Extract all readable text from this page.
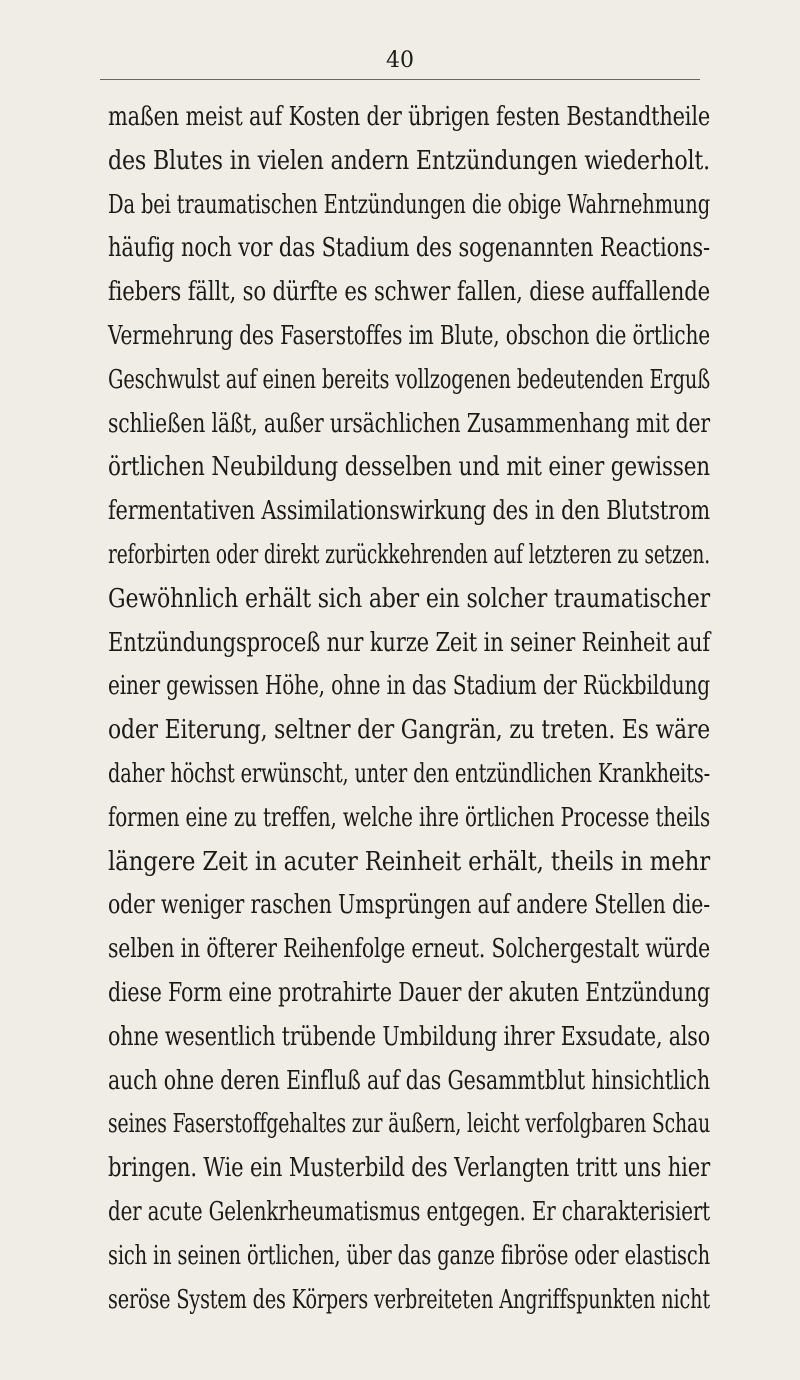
40
maßen meist auf Kosten der übrigen festen Bestandtheile
des Blutes in vielen andern Entzündungen wiederholt.
Da bei traumatischen Entzündungen die obige Wahrnehmung
häufig noch vor das Stadium des sogenannten Reactions-
fiebers fällt, so dürfte es schwer fallen, diese auffallende
Vermehrung des Faserstoffes im Blute, obschon die örtliche
Geschwulst auf einen bereits vollzogenen bedeutenden Erguß
schließen läßt, außer ursächlichen Zusammenhang mit der
örtlichen Neubildung desselben und mit einer gewissen
fermentativen Assimilationswirkung des in den Blutstrom
reforbirten oder direkt zurückkehrenden auf letzteren zu setzen.
Gewöhnlich erhält sich aber ein solcher traumatischer
Entzündungsproceß nur kurze Zeit in seiner Reinheit auf
einer gewissen Höhe, ohne in das Stadium der Rückbildung
oder Eiterung, seltner der Gangrän, zu treten. Es wäre
daher höchst erwünscht, unter den entzündlichen Krankheits-
formen eine zu treffen, welche ihre örtlichen Processe theils
längere Zeit in acuter Reinheit erhält, theils in mehr
oder weniger raschen Umsprüngen auf andere Stellen die-
selben in öfterer Reihenfolge erneut. Solchergestalt würde
diese Form eine protrahirte Dauer der akuten Entzündung
ohne wesentlich trübende Umbildung ihrer Exsudate, also
auch ohne deren Einfluß auf das Gesammtblut hinsichtlich
seines Faserstoffgehaltes zur äußern, leicht verfolgbaren Schau
bringen. Wie ein Musterbild des Verlangten tritt uns hier
der acute Gelenkrheumatismus entgegen. Er charakterisiert
sich in seinen örtlichen, über das ganze fibröse oder elastisch
seröse System des Körpers verbreiteten Angriffspunkten nicht
